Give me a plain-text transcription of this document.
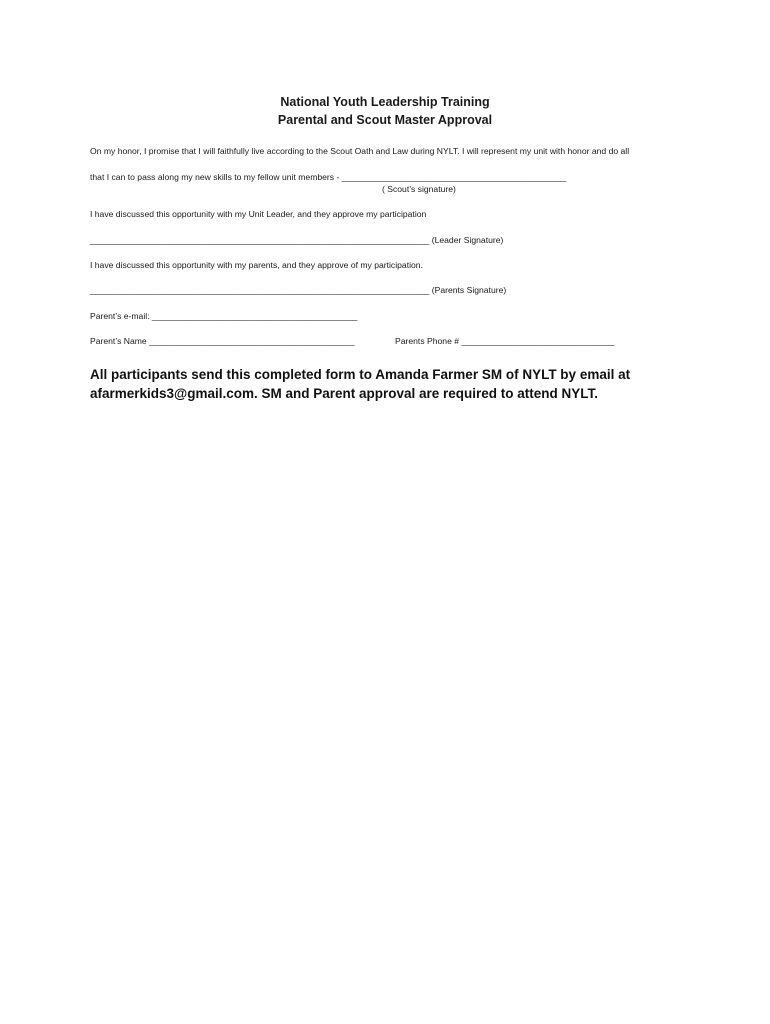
National Youth Leadership Training
Parental and Scout Master Approval
On my honor, I promise that I will faithfully live according to the Scout Oath and Law during NYLT. I will represent my unit with honor and do all
that I can to pass along my new skills to my fellow unit members - _______________________________________________
( Scout’s signature)
I have discussed this opportunity with my Unit Leader, and they approve my participation
_______________________________________________________________________ (Leader Signature)
I have discussed this opportunity with my parents, and they approve of my participation.
_______________________________________________________________________ (Parents Signature)
Parent’s e-mail: ___________________________________________
Parent’s Name ___________________________________________	Parents Phone # ________________________________
All participants send this completed form to Amanda Farmer SM of NYLT by email at
afarmerkids3@gmail.com. SM and Parent approval are required to attend NYLT.
